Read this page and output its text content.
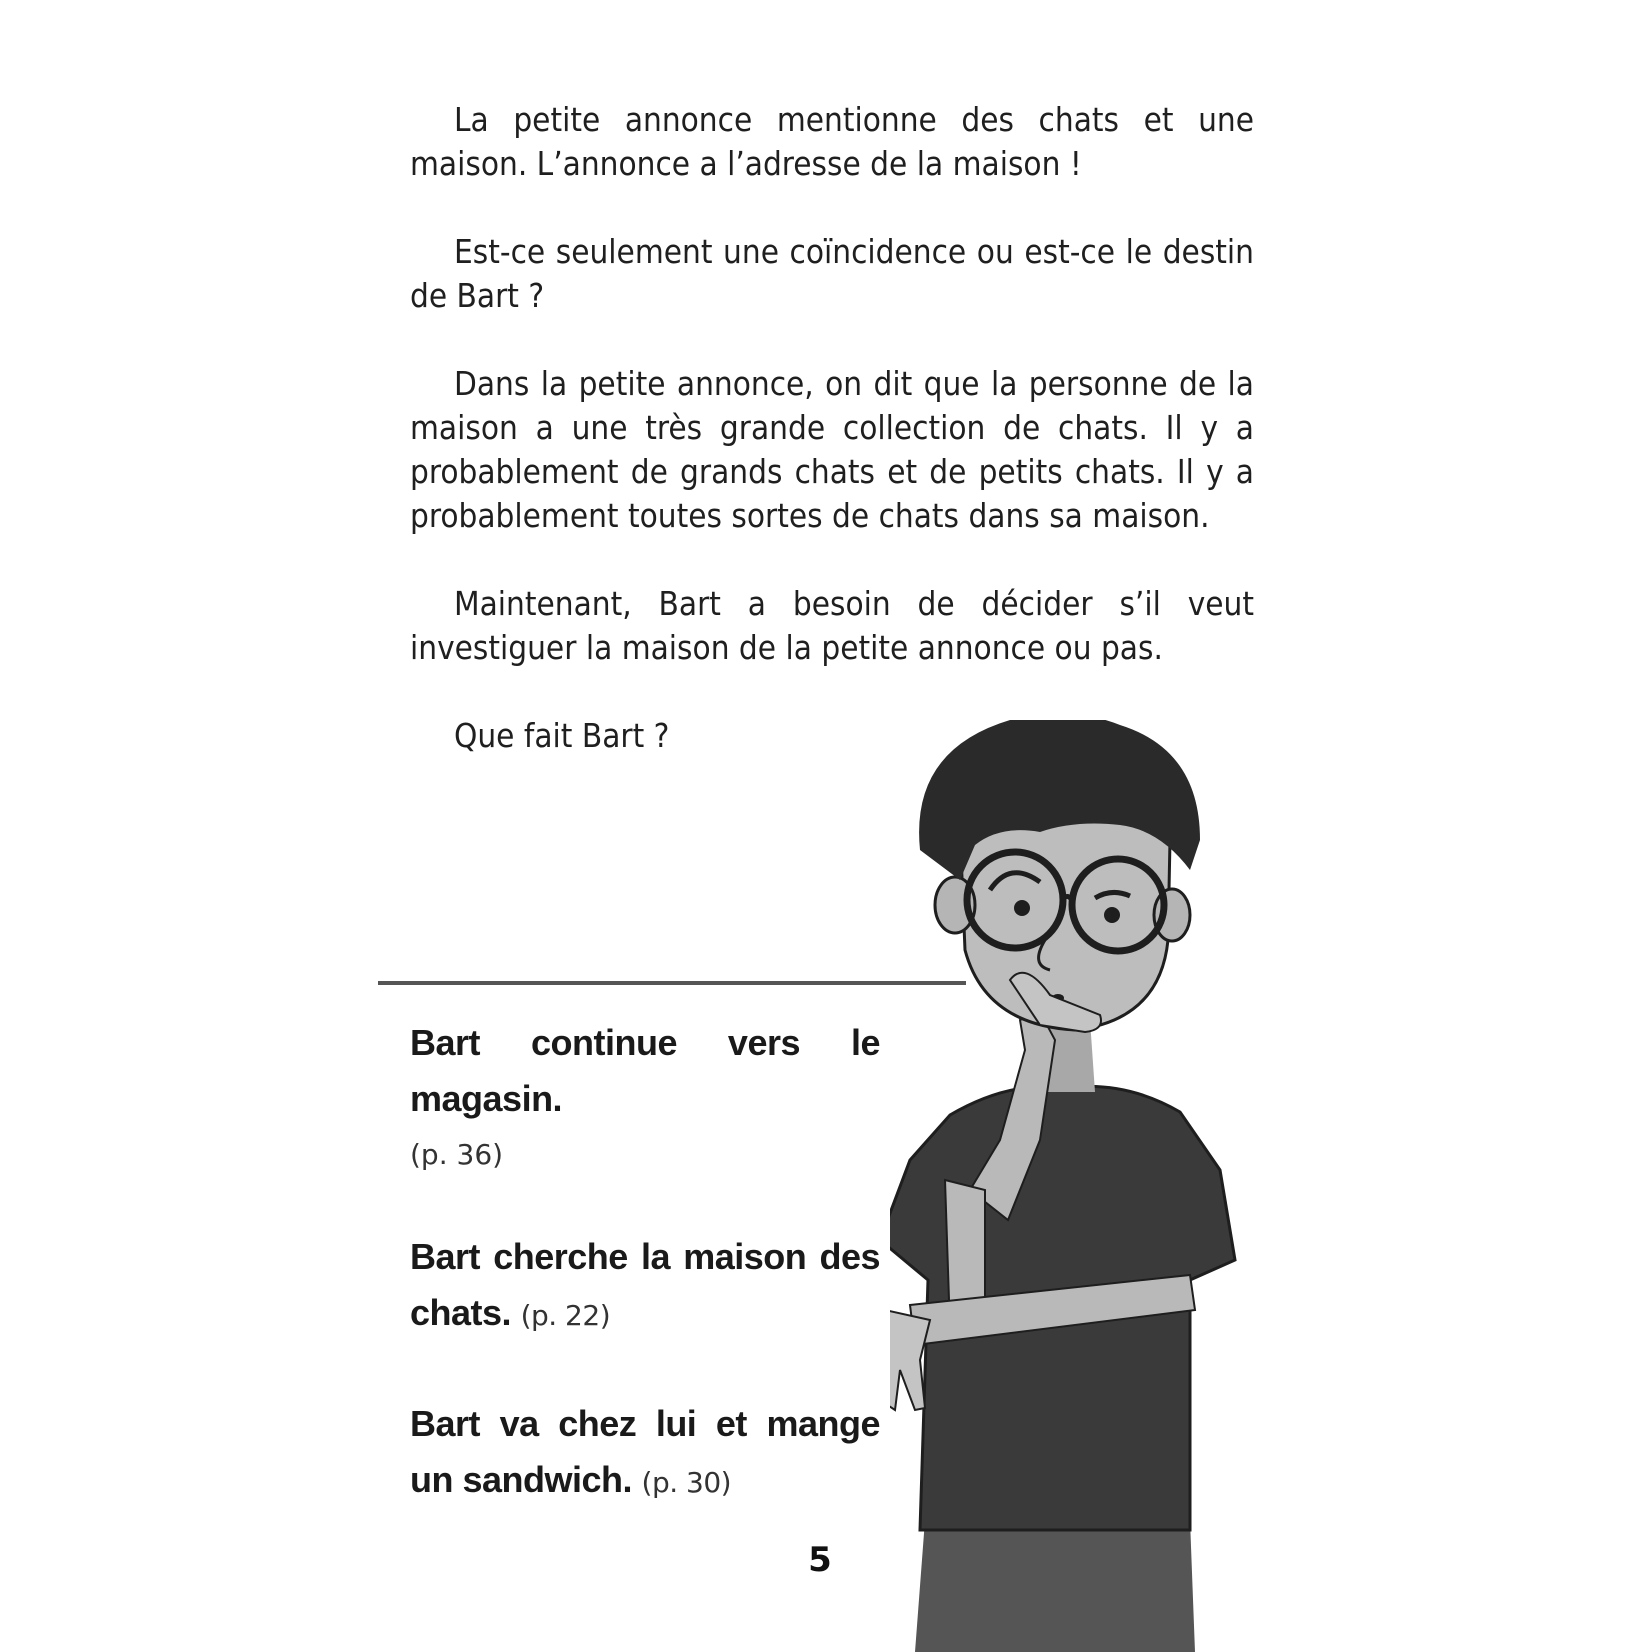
La petite annonce mentionne des chats et une maison. L’annonce a l’adresse de la maison !

Est-ce seulement une coïncidence ou est-ce le destin de Bart ?

Dans la petite annonce, on dit que la personne de la maison a une très grande collection de chats. Il y a probablement de grands chats et de petits chats. Il y a probablement toutes sortes de chats dans sa maison.

Maintenant, Bart a besoin de décider s’il veut investiguer la maison de la petite annonce ou pas.

Que fait Bart ?

Bart continue vers le magasin.
(p. 36)
Bart cherche la maison des chats. (p. 22)
Bart va chez lui et mange un sandwich. (p. 30)
5
